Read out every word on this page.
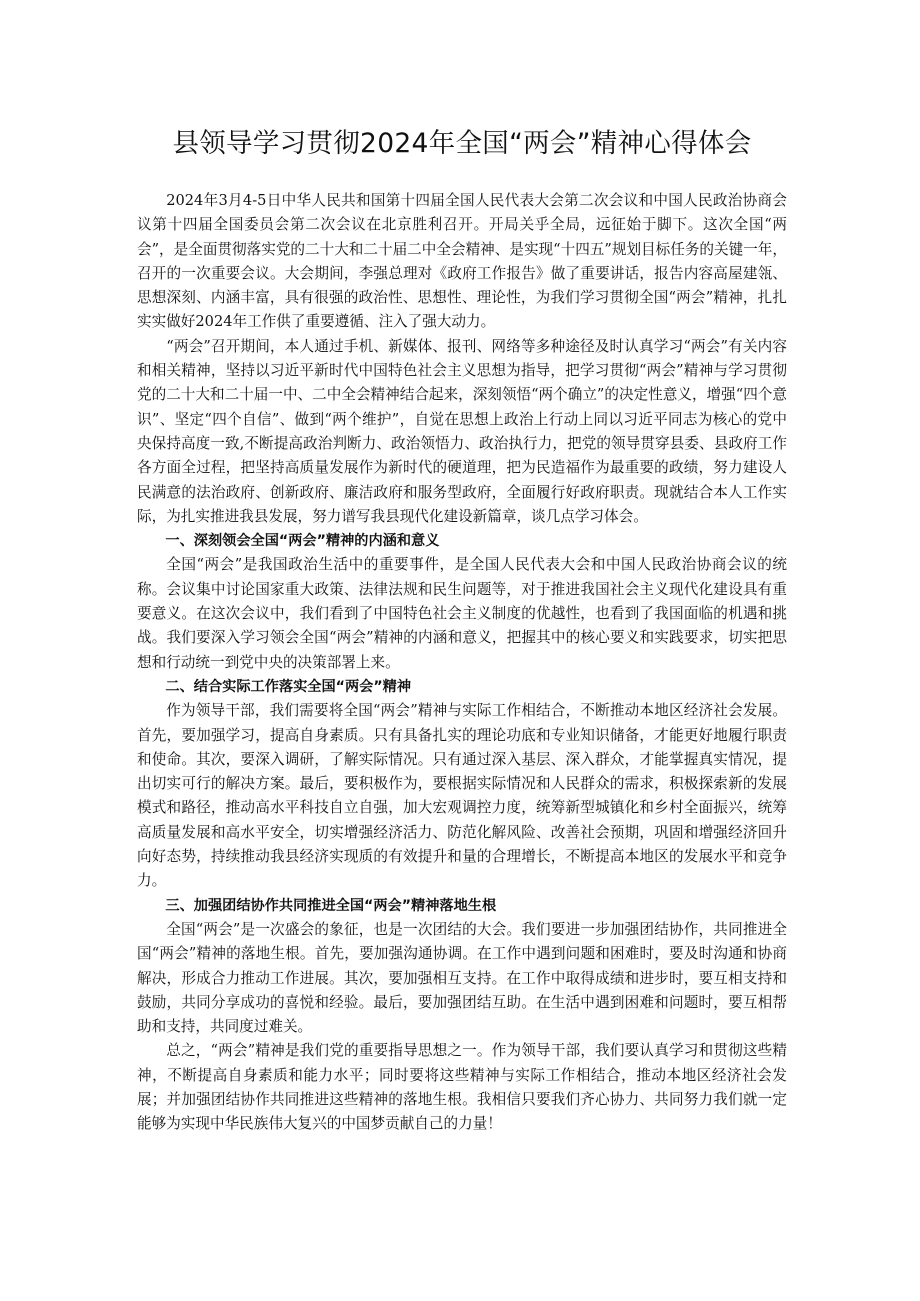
县领导学习贯彻2024年全国“两会”精神心得体会

2024年3月4-5日中华人民共和国第十四届全国人民代表大会第二次会议和中国人民政治协商会议第十四届全国委员会第二次会议在北京胜利召开。开局关乎全局，远征始于脚下。这次全国“两会”，是全面贯彻落实党的二十大和二十届二中全会精神、是实现“十四五”规划目标任务的关键一年，召开的一次重要会议。大会期间，李强总理对《政府工作报告》做了重要讲话，报告内容高屋建瓴、思想深刻、内涵丰富，具有很强的政治性、思想性、理论性，为我们学习贯彻全国“两会”精神，扎扎实实做好2024年工作供了重要遵循、注入了强大动力。

“两会”召开期间，本人通过手机、新媒体、报刊、网络等多种途径及时认真学习“两会”有关内容和相关精神，坚持以习近平新时代中国特色社会主义思想为指导，把学习贯彻“两会”精神与学习贯彻党的二十大和二十届一中、二中全会精神结合起来，深刻领悟“两个确立”的决定性意义，增强“四个意识”、坚定“四个自信”、做到“两个维护”，自觉在思想上政治上行动上同以习近平同志为核心的党中央保持高度一致,不断提高政治判断力、政治领悟力、政治执行力，把党的领导贯穿县委、县政府工作各方面全过程，把坚持高质量发展作为新时代的硬道理，把为民造福作为最重要的政绩，努力建设人民满意的法治政府、创新政府、廉洁政府和服务型政府，全面履行好政府职责。现就结合本人工作实际，为扎实推进我县发展，努力谱写我县现代化建设新篇章，谈几点学习体会。

一、深刻领会全国“两会”精神的内涵和意义

全国“两会”是我国政治生活中的重要事件，是全国人民代表大会和中国人民政治协商会议的统称。会议集中讨论国家重大政策、法律法规和民生问题等，对于推进我国社会主义现代化建设具有重要意义。在这次会议中，我们看到了中国特色社会主义制度的优越性，也看到了我国面临的机遇和挑战。我们要深入学习领会全国“两会”精神的内涵和意义，把握其中的核心要义和实践要求，切实把思想和行动统一到党中央的决策部署上来。

二、结合实际工作落实全国“两会”精神

作为领导干部，我们需要将全国“两会”精神与实际工作相结合，不断推动本地区经济社会发展。首先，要加强学习，提高自身素质。只有具备扎实的理论功底和专业知识储备，才能更好地履行职责和使命。其次，要深入调研，了解实际情况。只有通过深入基层、深入群众，才能掌握真实情况，提出切实可行的解决方案。最后，要积极作为，要根据实际情况和人民群众的需求，积极探索新的发展模式和路径，推动高水平科技自立自强，加大宏观调控力度，统筹新型城镇化和乡村全面振兴，统筹高质量发展和高水平安全，切实增强经济活力、防范化解风险、改善社会预期，巩固和增强经济回升向好态势，持续推动我县经济实现质的有效提升和量的合理增长，不断提高本地区的发展水平和竞争力。

三、加强团结协作共同推进全国“两会”精神落地生根

全国“两会”是一次盛会的象征，也是一次团结的大会。我们要进一步加强团结协作，共同推进全国“两会”精神的落地生根。首先，要加强沟通协调。在工作中遇到问题和困难时，要及时沟通和协商解决，形成合力推动工作进展。其次，要加强相互支持。在工作中取得成绩和进步时，要互相支持和鼓励，共同分享成功的喜悦和经验。最后，要加强团结互助。在生活中遇到困难和问题时，要互相帮助和支持，共同度过难关。

总之，“两会”精神是我们党的重要指导思想之一。作为领导干部，我们要认真学习和贯彻这些精神，不断提高自身素质和能力水平；同时要将这些精神与实际工作相结合，推动本地区经济社会发展；并加强团结协作共同推进这些精神的落地生根。我相信只要我们齐心协力、共同努力我们就一定能够为实现中华民族伟大复兴的中国梦贡献自己的力量！
